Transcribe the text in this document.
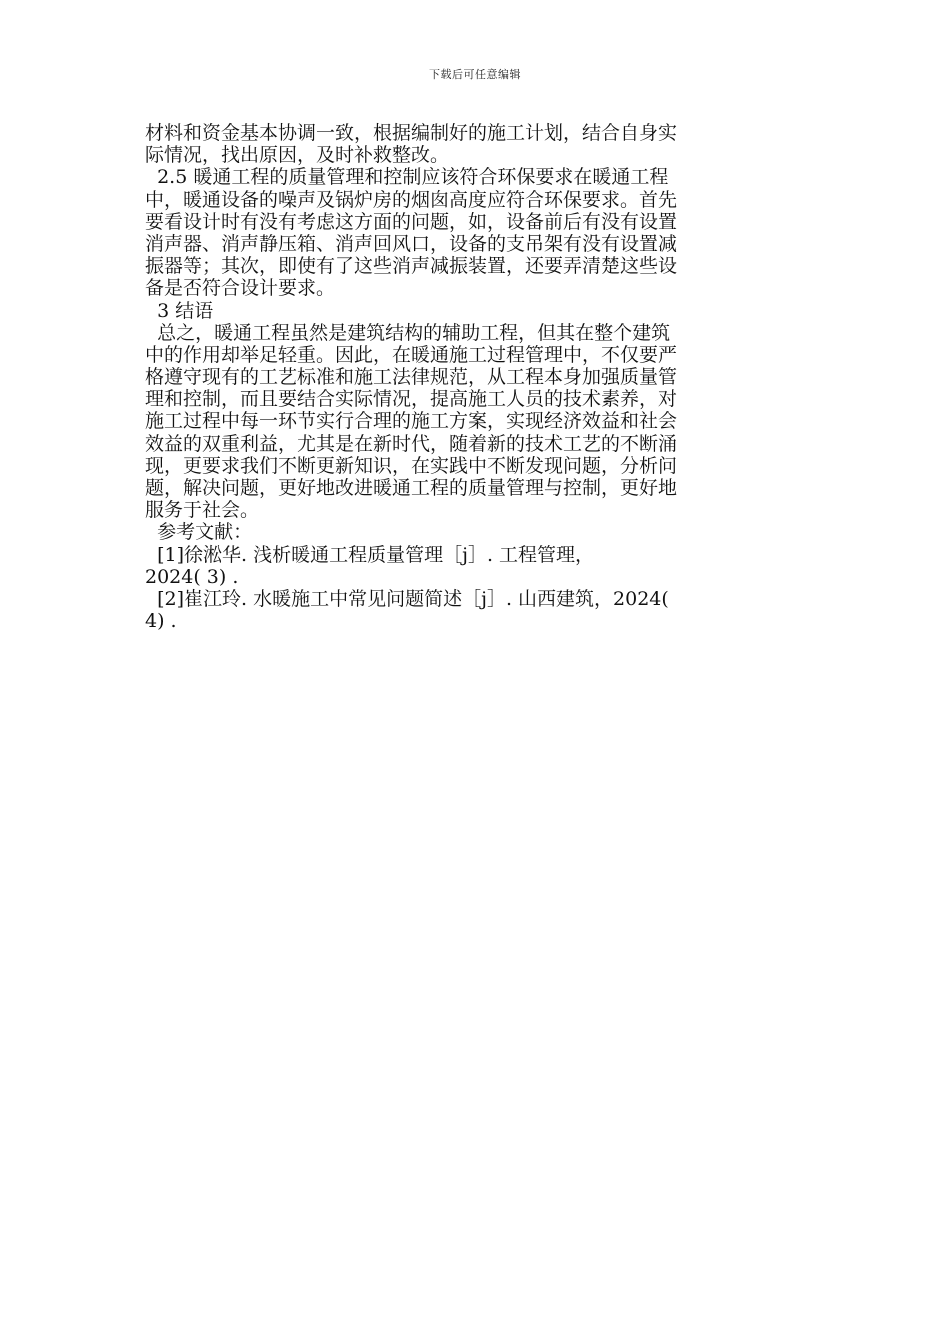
下载后可任意编辑
材料和资金基本协调一致，根据编制好的施工计划，结合自身实
际情况，找出原因，及时补救整改。
2.5 暖通工程的质量管理和控制应该符合环保要求在暖通工程
中，暖通设备的噪声及锅炉房的烟囱高度应符合环保要求。首先
要看设计时有没有考虑这方面的问题，如，设备前后有没有设置
消声器、消声静压箱、消声回风口，设备的支吊架有没有设置减
振器等；其次，即使有了这些消声减振装置，还要弄清楚这些设
备是否符合设计要求。
3 结语
总之，暖通工程虽然是建筑结构的辅助工程，但其在整个建筑
中的作用却举足轻重。因此，在暖通施工过程管理中，不仅要严
格遵守现有的工艺标准和施工法律规范，从工程本身加强质量管
理和控制，而且要结合实际情况，提高施工人员的技术素养，对
施工过程中每一环节实行合理的施工方案，实现经济效益和社会
效益的双重利益，尤其是在新时代，随着新的技术工艺的不断涌
现，更要求我们不断更新知识，在实践中不断发现问题，分析问
题，解决问题，更好地改进暖通工程的质量管理与控制，更好地
服务于社会。
参考文献：
[1]徐淞华. 浅析暖通工程质量管理［j］. 工程管理，
2024( 3) .
[2]崔江玲. 水暖施工中常见问题简述［j］. 山西建筑，2024(
4) .
